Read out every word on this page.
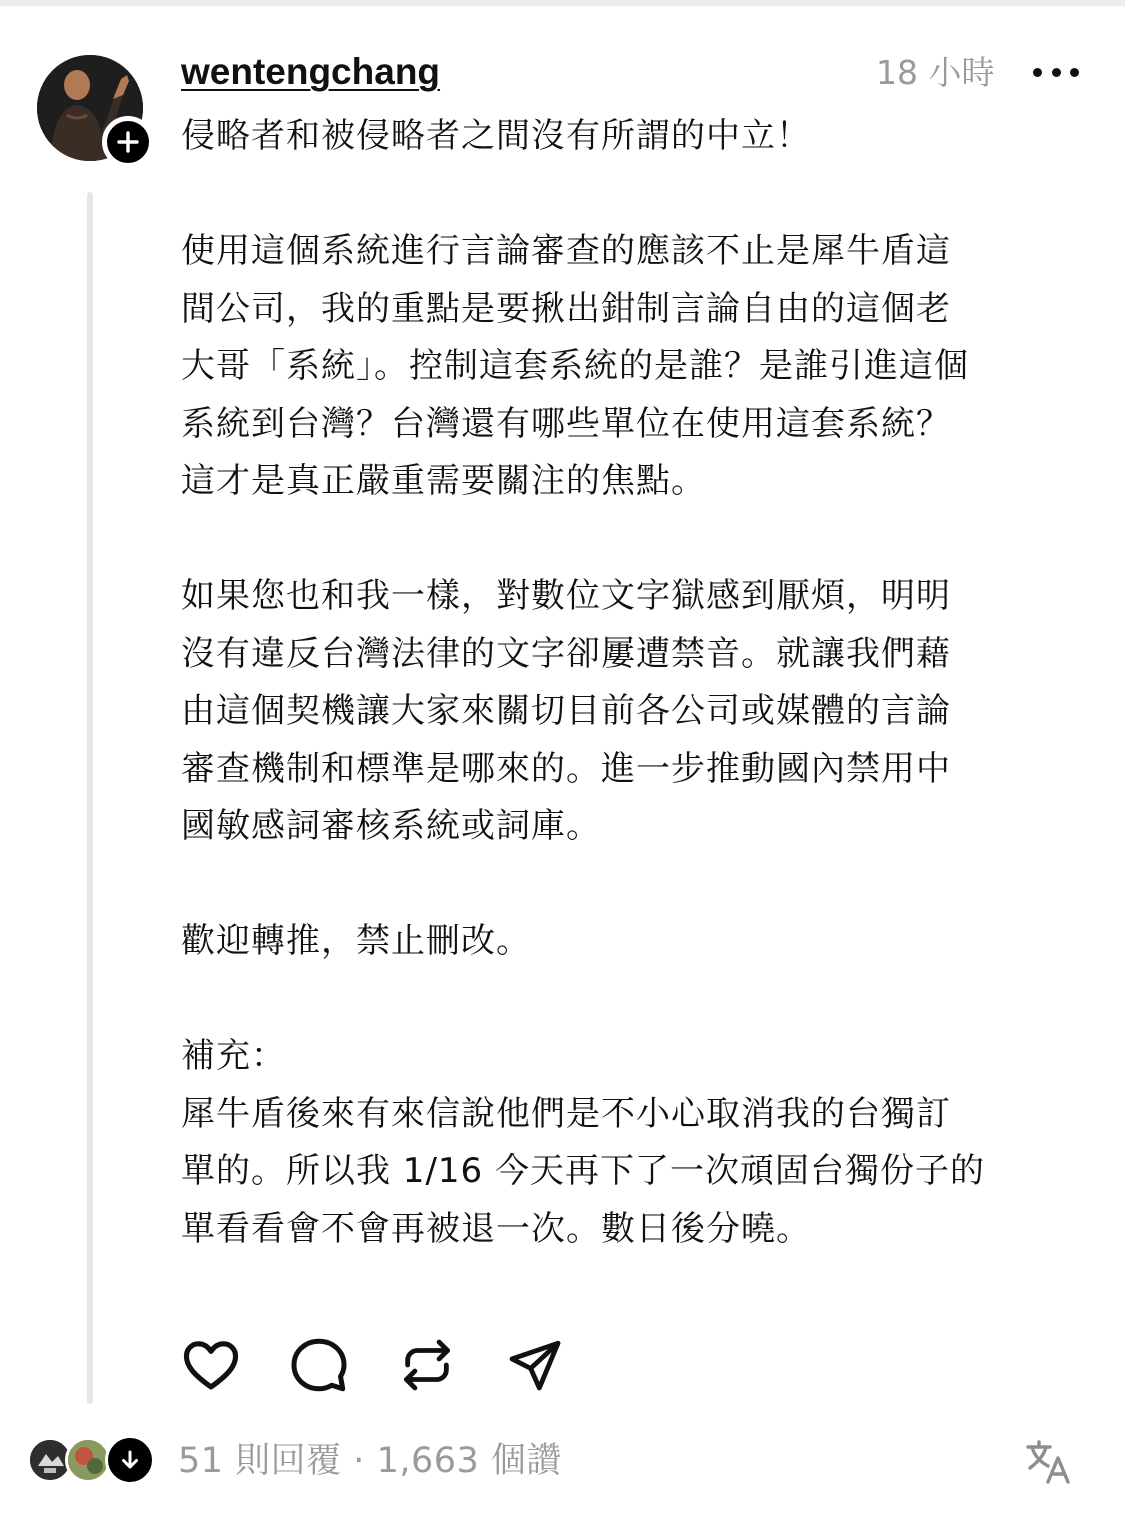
wentengchang	18 小時

侵略者和被侵略者之間沒有所謂的中立！

使用這個系統進行言論審查的應該不止是犀牛盾這
間公司，我的重點是要揪出鉗制言論自由的這個老
大哥「系統」。控制這套系統的是誰？是誰引進這個
系統到台灣？台灣還有哪些單位在使用這套系統？
這才是真正嚴重需要關注的焦點。

如果您也和我一樣，對數位文字獄感到厭煩，明明
沒有違反台灣法律的文字卻屢遭禁音。就讓我們藉
由這個契機讓大家來關切目前各公司或媒體的言論
審查機制和標準是哪來的。進一步推動國內禁用中
國敏感詞審核系統或詞庫。

歡迎轉推，禁止刪改。

補充：
犀牛盾後來有來信說他們是不小心取消我的台獨訂
單的。所以我 1/16 今天再下了一次頑固台獨份子的
單看看會不會再被退一次。數日後分曉。

51 則回覆 · 1,663 個讚
